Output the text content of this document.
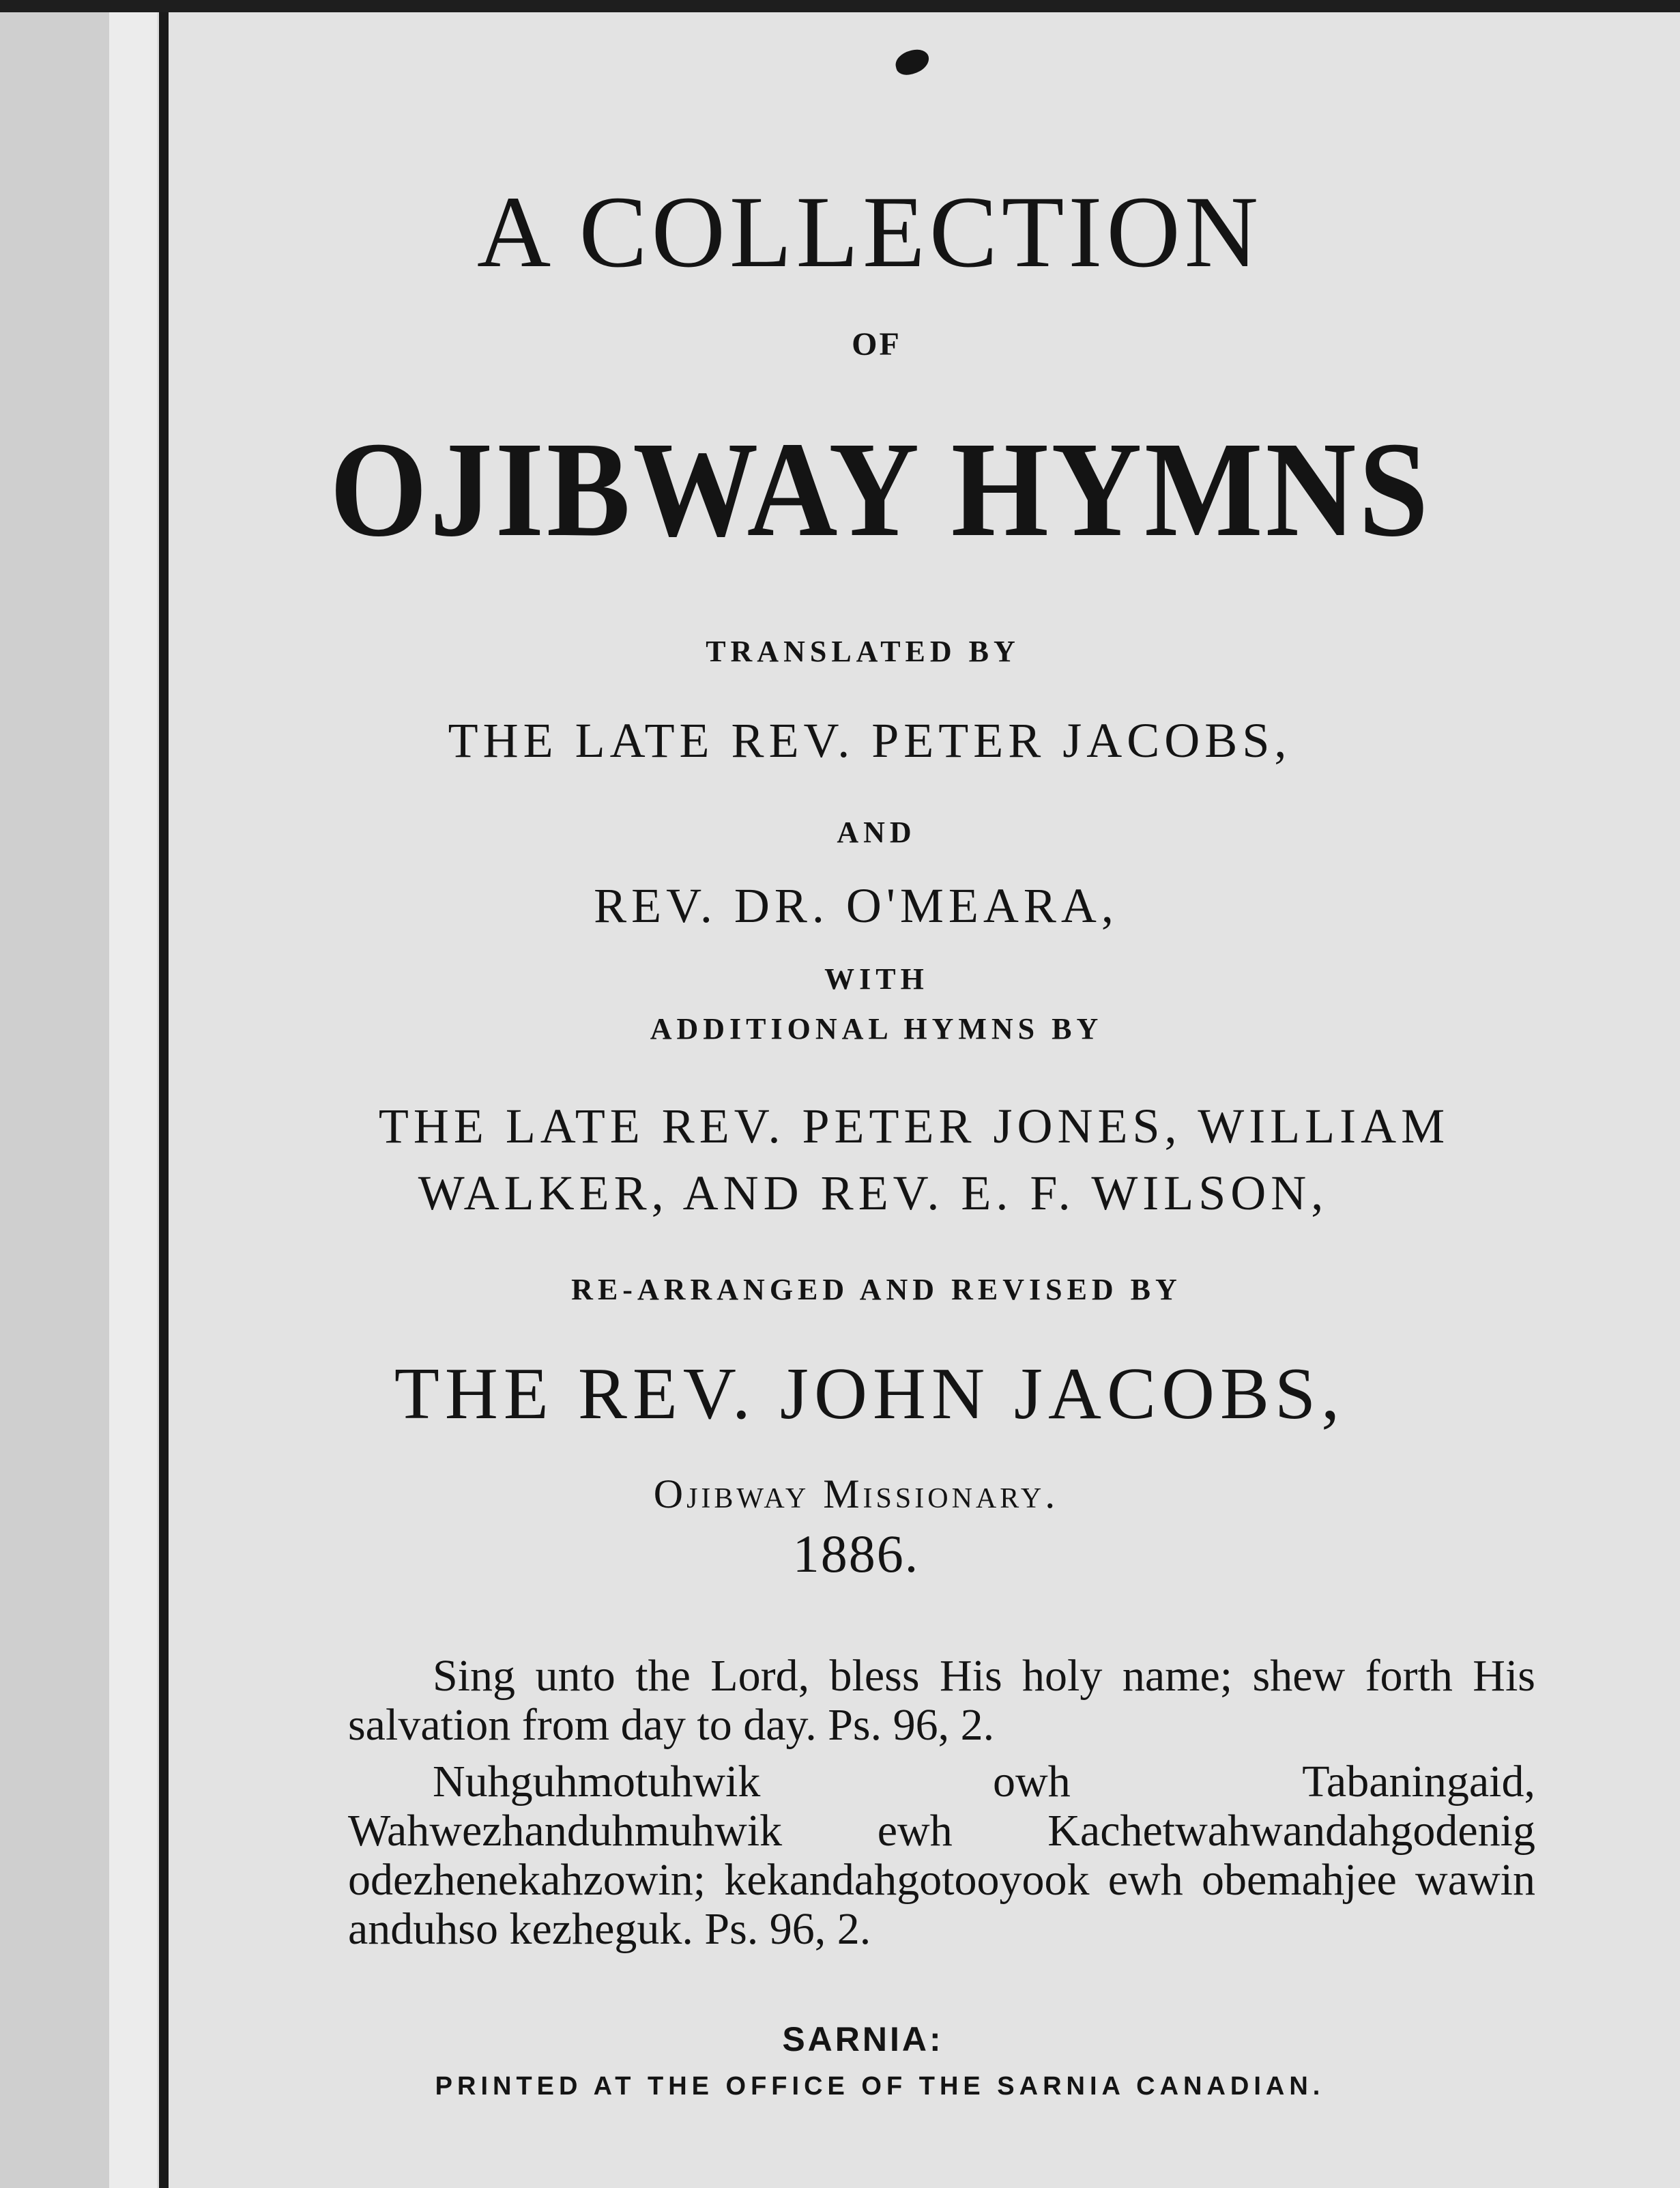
A COLLECTION

OF

OJIBWAY HYMNS

TRANSLATED BY

THE LATE REV. PETER JACOBS,

AND

REV. DR. O'MEARA,

WITH

ADDITIONAL HYMNS BY

THE LATE REV. PETER JONES, WILLIAM

WALKER, AND REV. E. F. WILSON,

RE-ARRANGED AND REVISED BY

THE REV. JOHN JACOBS,

Ojibway Missionary.

1886.

Sing unto the Lord, bless His holy name; shew forth His salvation from day to day. Ps. 96, 2.

Nuhguhmotuhwik owh Tabaningaid, Wahwezhanduhmuhwik ewh Kachetwahwandahgodenig odezhenekahzowin; kekandahgotooyook ewh obemahjee wawin anduhso kezheguk. Ps. 96, 2.

SARNIA:

PRINTED AT THE OFFICE OF THE SARNIA CANADIAN.
